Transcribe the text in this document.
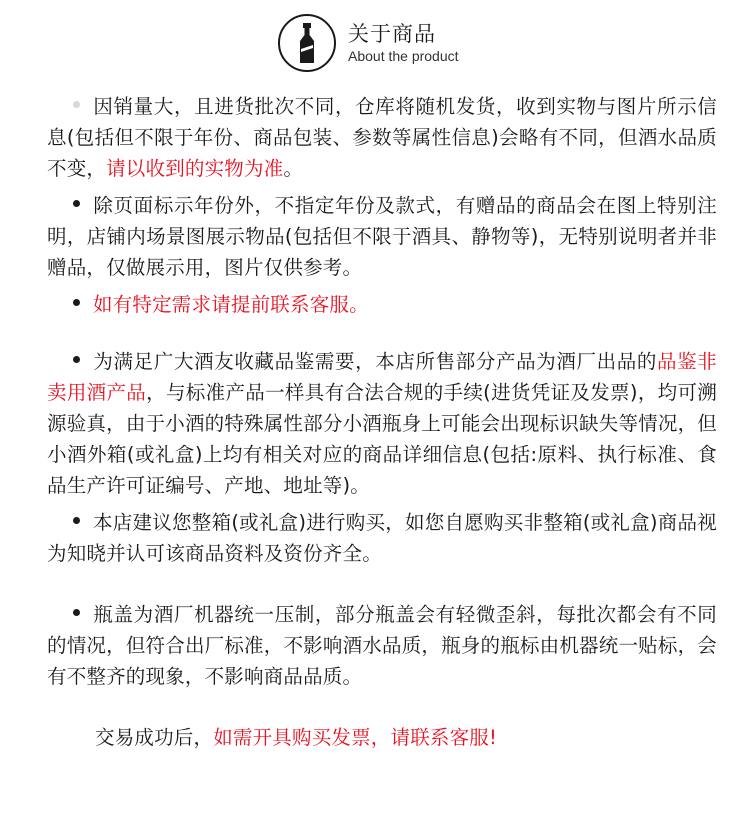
关于商品
About the product

因销量大，且进货批次不同，仓库将随机发货，收到实物与图片所示信息(包括但不限于年份、商品包装、参数等属性信息)会略有不同，但酒水品质不变，请以收到的实物为准。

除页面标示年份外，不指定年份及款式，有赠品的商品会在图上特别注明，店铺内场景图展示物品(包括但不限于酒具、静物等)，无特别说明者并非赠品，仅做展示用，图片仅供参考。

如有特定需求请提前联系客服。

为满足广大酒友收藏品鉴需要，本店所售部分产品为酒厂出品的品鉴非卖用酒产品，与标准产品一样具有合法合规的手续(进货凭证及发票)，均可溯源验真，由于小酒的特殊属性部分小酒瓶身上可能会出现标识缺失等情况，但小酒外箱(或礼盒)上均有相关对应的商品详细信息(包括:原料、执行标准、食品生产许可证编号、产地、地址等)。

本店建议您整箱(或礼盒)进行购买，如您自愿购买非整箱(或礼盒)商品视为知晓并认可该商品资料及资份齐全。

瓶盖为酒厂机器统一压制，部分瓶盖会有轻微歪斜，每批次都会有不同的情况，但符合出厂标准，不影响酒水品质，瓶身的瓶标由机器统一贴标，会有不整齐的现象，不影响商品品质。

交易成功后，如需开具购买发票，请联系客服!
